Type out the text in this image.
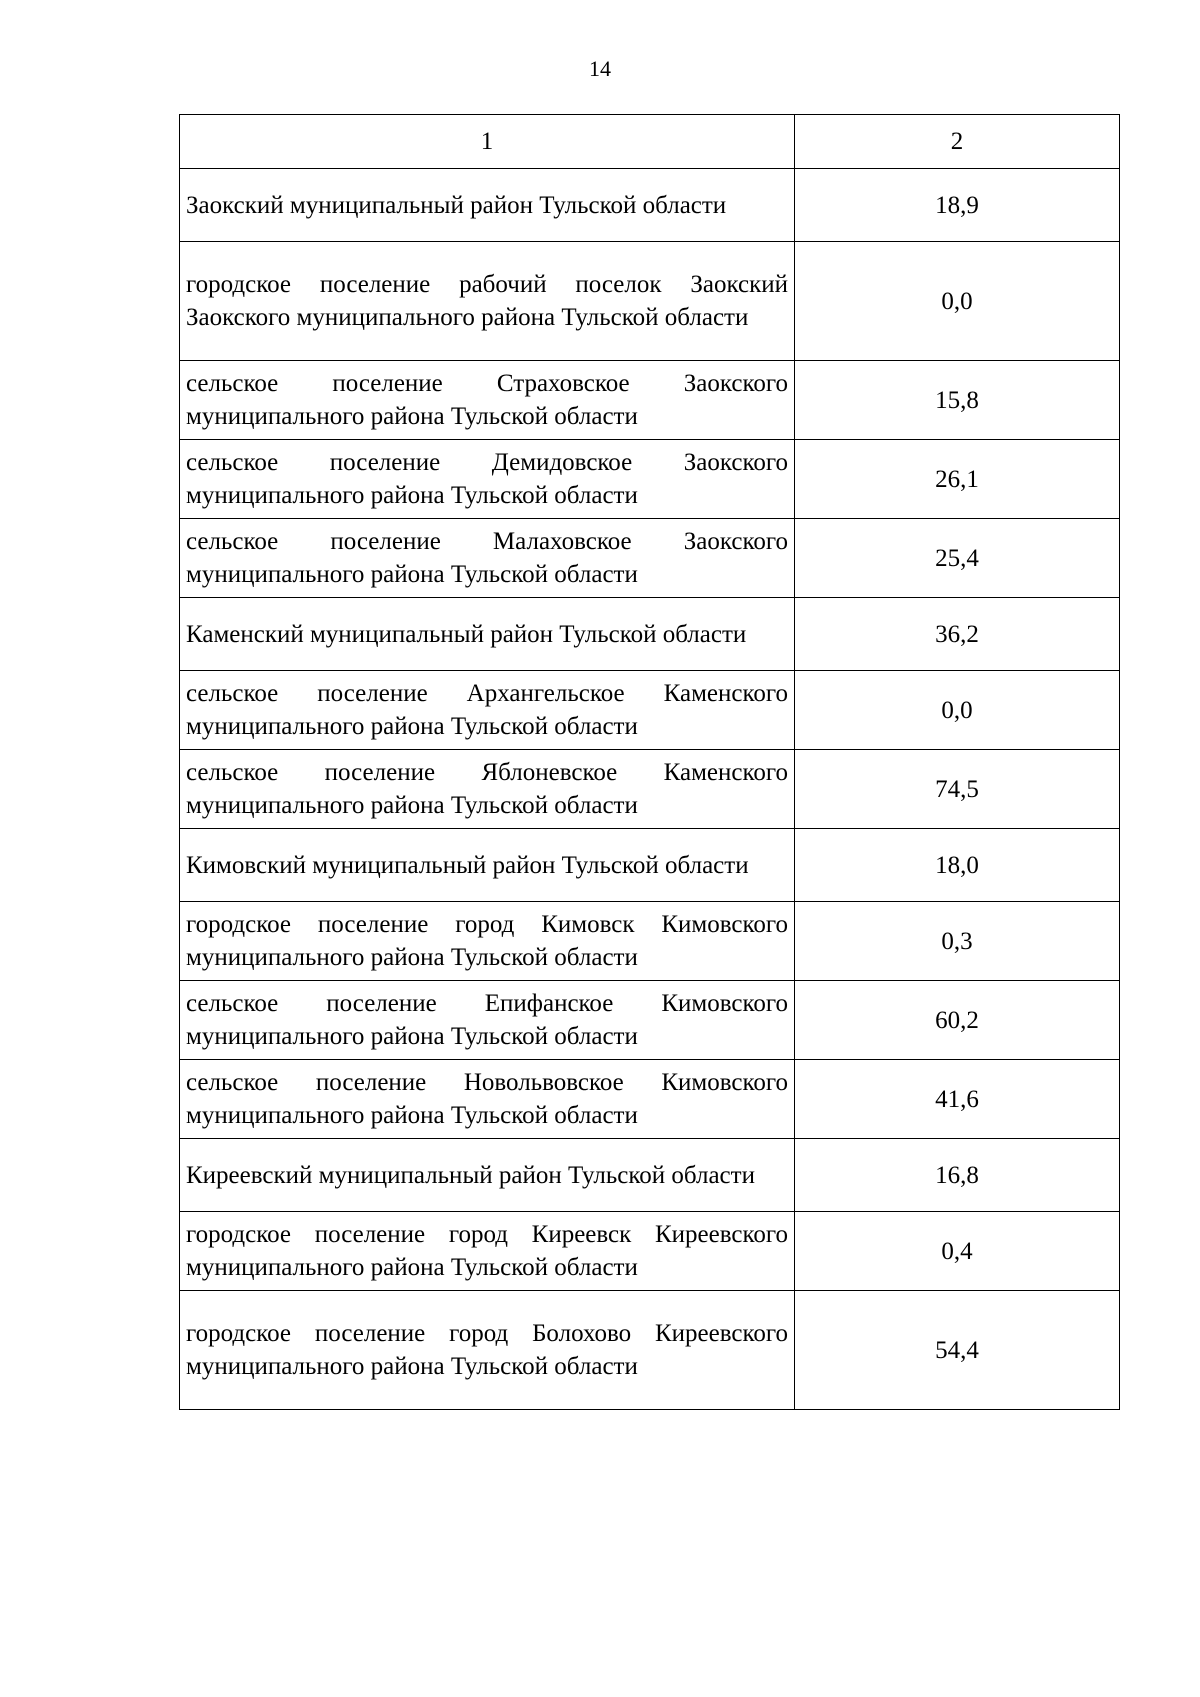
14
1	2
Заокский муниципальный район Тульской области	18,9
городское поселение рабочий поселок Заокский Заокского муниципального района Тульской области	0,0
сельское поселение Страховское Заокского муниципального района Тульской области	15,8
сельское поселение Демидовское Заокского муниципального района Тульской области	26,1
сельское поселение Малаховское Заокского муниципального района Тульской области	25,4
Каменский муниципальный район Тульской области	36,2
сельское поселение Архангельское Каменского муниципального района Тульской области	0,0
сельское поселение Яблоневское Каменского муниципального района Тульской области	74,5
Кимовский муниципальный район Тульской области	18,0
городское поселение город Кимовск Кимовского муниципального района Тульской области	0,3
сельское поселение Епифанское Кимовского муниципального района Тульской области	60,2
сельское поселение Новольвовское Кимовского муниципального района Тульской области	41,6
Киреевский муниципальный район Тульской области	16,8
городское поселение город Киреевск Киреевского муниципального района Тульской области	0,4
городское поселение город Болохово Киреевского муниципального района Тульской области	54,4
